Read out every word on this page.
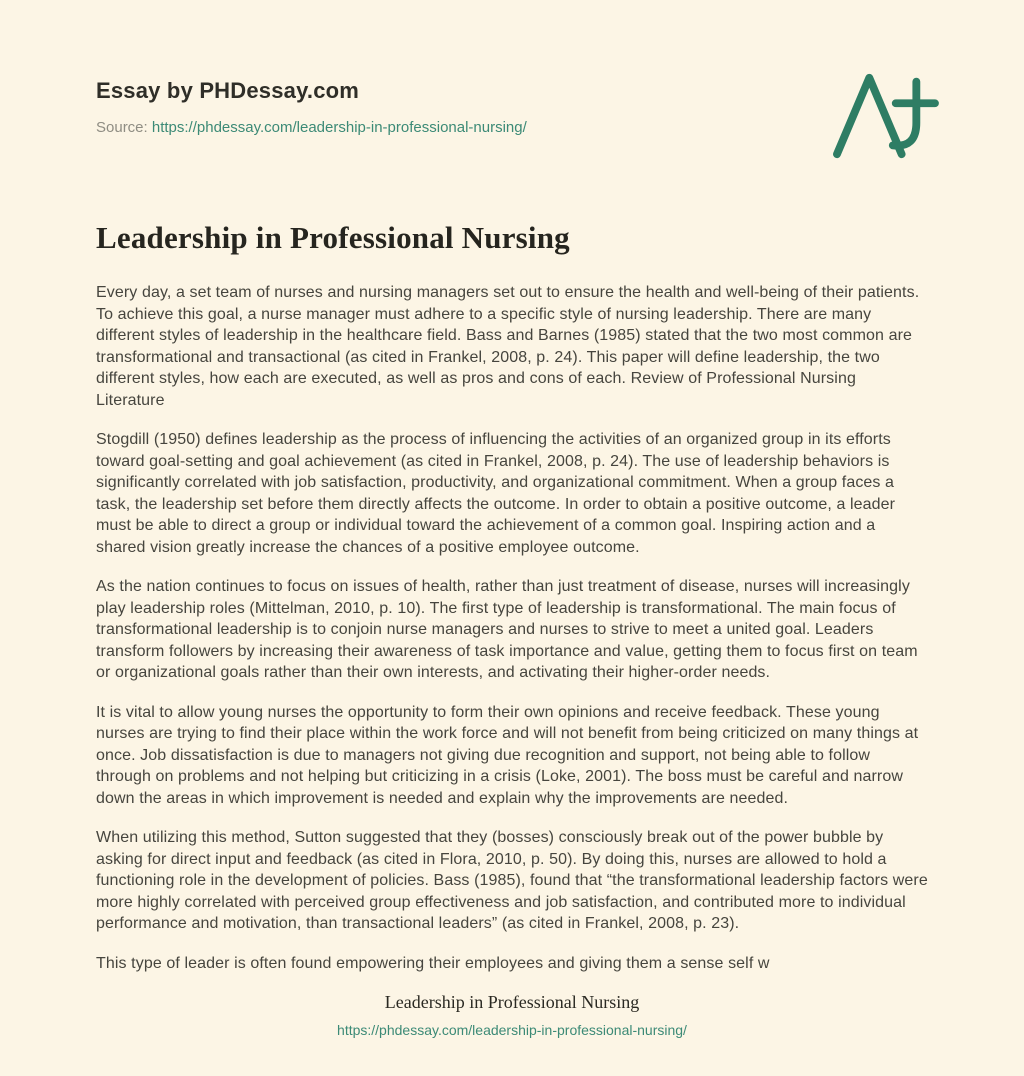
Essay by PHDessay.com
Source: https://phdessay.com/leadership-in-professional-nursing/
Leadership in Professional Nursing

Every day, a set team of nurses and nursing managers set out to ensure the health and well-being of their patients. To achieve this goal, a nurse manager must adhere to a specific style of nursing leadership. There are many different styles of leadership in the healthcare field. Bass and Barnes (1985) stated that the two most common are transformational and transactional (as cited in Frankel, 2008, p. 24). This paper will define leadership, the two different styles, how each are executed, as well as pros and cons of each. Review of Professional Nursing Literature

Stogdill (1950) defines leadership as the process of influencing the activities of an organized group in its efforts toward goal-setting and goal achievement (as cited in Frankel, 2008, p. 24). The use of leadership behaviors is significantly correlated with job satisfaction, productivity, and organizational commitment. When a group faces a task, the leadership set before them directly affects the outcome. In order to obtain a positive outcome, a leader must be able to direct a group or individual toward the achievement of a common goal. Inspiring action and a shared vision greatly increase the chances of a positive employee outcome.

As the nation continues to focus on issues of health, rather than just treatment of disease, nurses will increasingly play leadership roles (Mittelman, 2010, p. 10). The first type of leadership is transformational. The main focus of transformational leadership is to conjoin nurse managers and nurses to strive to meet a united goal. Leaders transform followers by increasing their awareness of task importance and value, getting them to focus first on team or organizational goals rather than their own interests, and activating their higher-order needs.

It is vital to allow young nurses the opportunity to form their own opinions and receive feedback. These young nurses are trying to find their place within the work force and will not benefit from being criticized on many things at once. Job dissatisfaction is due to managers not giving due recognition and support, not being able to follow through on problems and not helping but criticizing in a crisis (Loke, 2001). The boss must be careful and narrow down the areas in which improvement is needed and explain why the improvements are needed.

When utilizing this method, Sutton suggested that they (bosses) consciously break out of the power bubble by asking for direct input and feedback (as cited in Flora, 2010, p. 50). By doing this, nurses are allowed to hold a functioning role in the development of policies. Bass (1985), found that “the transformational leadership factors were more highly correlated with perceived group effectiveness and job satisfaction, and contributed more to individual performance and motivation, than transactional leaders” (as cited in Frankel, 2008, p. 23).

This type of leader is often found empowering their employees and giving them a sense self w

Leadership in Professional Nursing
https://phdessay.com/leadership-in-professional-nursing/
